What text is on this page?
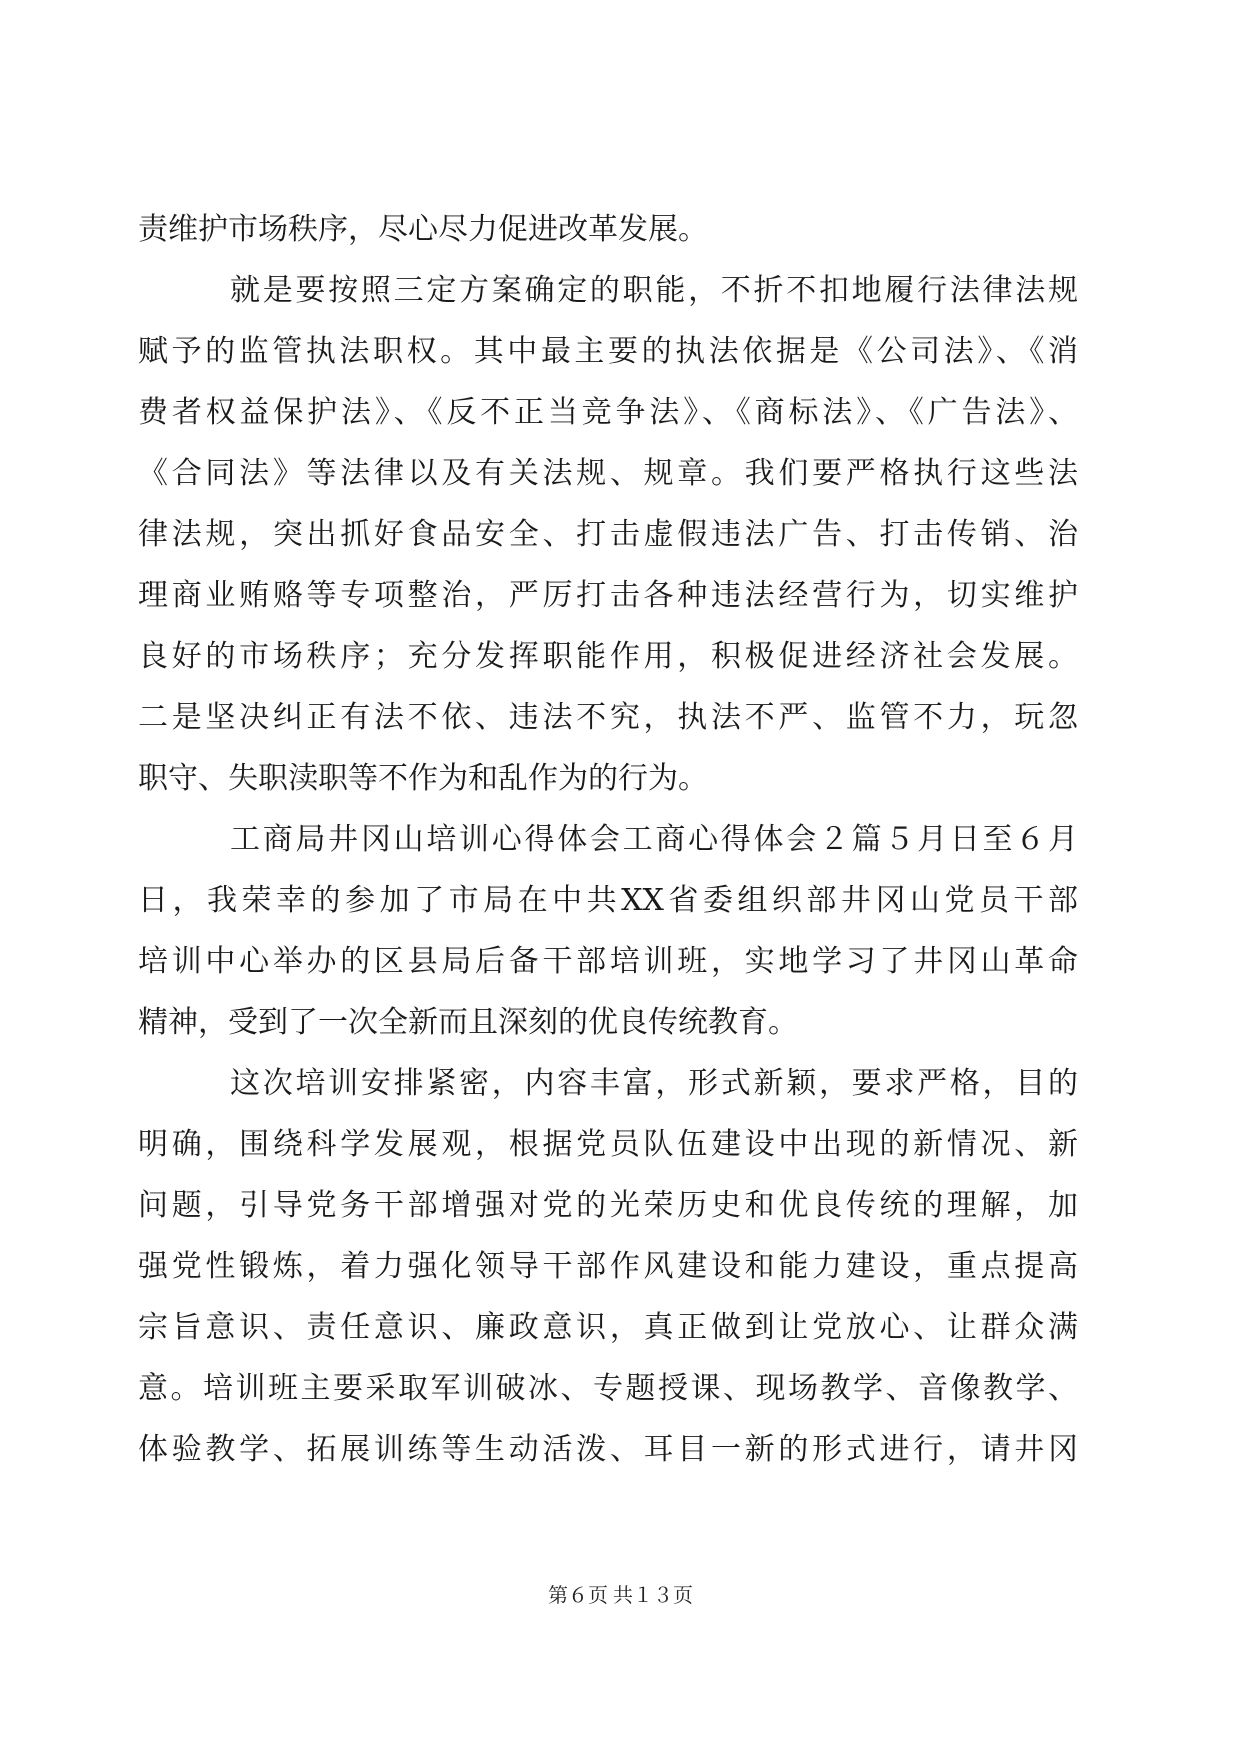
责维护市场秩序，尽心尽力促进改革发展。
就是要按照三定方案确定的职能，不折不扣地履行法律法规
赋予的监管执法职权。其中最主要的执法依据是《公司法》、《消
费者权益保护法》、《反不正当竞争法》、《商标法》、《广告法》、
《合同法》等法律以及有关法规、规章。我们要严格执行这些法
律法规，突出抓好食品安全、打击虚假违法广告、打击传销、治
理商业贿赂等专项整治，严厉打击各种违法经营行为，切实维护
良好的市场秩序；充分发挥职能作用，积极促进经济社会发展。
二是坚决纠正有法不依、违法不究，执法不严、监管不力，玩忽
职守、失职渎职等不作为和乱作为的行为。
工商局井冈山培训心得体会工商心得体会２篇５月日至６月
日，我荣幸的参加了市局在中共XX省委组织部井冈山党员干部
培训中心举办的区县局后备干部培训班，实地学习了井冈山革命
精神，受到了一次全新而且深刻的优良传统教育。
这次培训安排紧密，内容丰富，形式新颖，要求严格，目的
明确，围绕科学发展观，根据党员队伍建设中出现的新情况、新
问题，引导党务干部增强对党的光荣历史和优良传统的理解，加
强党性锻炼，着力强化领导干部作风建设和能力建设，重点提高
宗旨意识、责任意识、廉政意识，真正做到让党放心、让群众满
意。培训班主要采取军训破冰、专题授课、现场教学、音像教学、
体验教学、拓展训练等生动活泼、耳目一新的形式进行，请井冈
第６页 共１３页
